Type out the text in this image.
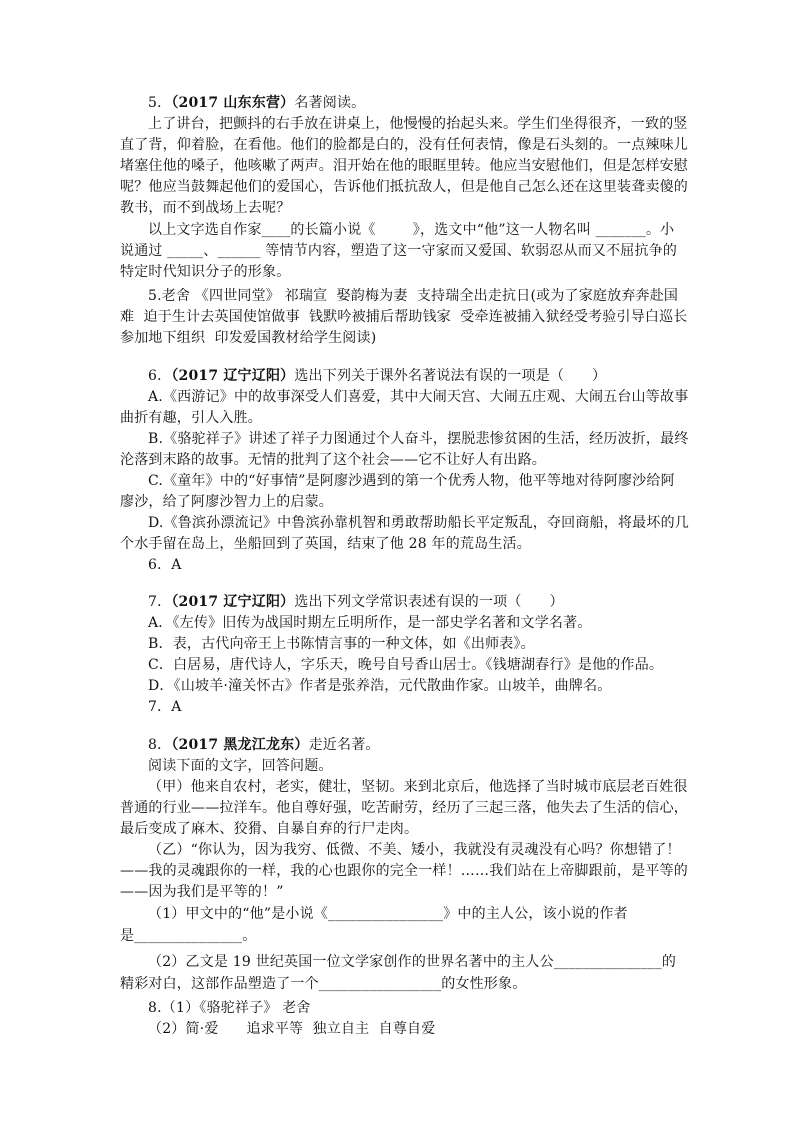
5．（2017 山东东营）名著阅读。
上了讲台，把颤抖的右手放在讲桌上，他慢慢的抬起头来。学生们坐得很齐，一致的竖
直了背，仰着脸，在看他。他们的脸都是白的，没有任何表情，像是石头刻的。一点辣味儿
堵塞住他的嗓子，他咳嗽了两声。泪开始在他的眼眶里转。他应当安慰他们，但是怎样安慰
呢？他应当鼓舞起他们的爱国心，告诉他们抵抗敌人，但是他自己怎么还在这里装聋卖傻的
教书，而不到战场上去呢？
以上文字选自作家____的长篇小说《        》，选文中“他”这一人物名叫 _______。小
说通过 _____、______ 等情节内容，塑造了这一守家而又爱国、软弱忍从而又不屈抗争的
特定时代知识分子的形象。
5.老舍 《四世同堂》 祁瑞宣  娶韵梅为妻  支持瑞全出走抗日(或为了家庭放弃奔赴国
难  迫于生计去英国使馆做事  钱默吟被捕后帮助钱家  受牵连被捕入狱经受考验引导白巡长
参加地下组织  印发爱国教材给学生阅读)
6．（2017 辽宁辽阳）选出下列关于课外名著说法有误的一项是（      ）
A.《西游记》中的故事深受人们喜爱，其中大闹天宫、大闹五庄观、大闹五台山等故事
曲折有趣，引人入胜。
B.《骆驼祥子》讲述了祥子力图通过个人奋斗，摆脱悲惨贫困的生活，经历波折，最终
沦落到末路的故事。无情的批判了这个社会——它不让好人有出路。
C.《童年》中的“好事情”是阿廖沙遇到的第一个优秀人物，他平等地对待阿廖沙给阿
廖沙，给了阿廖沙智力上的启蒙。
D.《鲁滨孙漂流记》中鲁滨孙靠机智和勇敢帮助船长平定叛乱，夺回商船，将最坏的几
个水手留在岛上，坐船回到了英国，结束了他 28 年的荒岛生活。
6．A
7．（2017 辽宁辽阳）选出下列文学常识表述有误的一项（      ）
A．《左传》旧传为战国时期左丘明所作，是一部史学名著和文学名著。
B．表，古代向帝王上书陈情言事的一种文体，如《出师表》。
C．白居易，唐代诗人，字乐天，晚号自号香山居士。《钱塘湖春行》是他的作品。
D．《山坡羊·潼关怀古》作者是张养浩，元代散曲作家。山坡羊，曲牌名。
7．A
8．（2017 黑龙江龙东）走近名著。
阅读下面的文字，回答问题。
（甲）他来自农村，老实，健壮，坚韧。来到北京后，他选择了当时城市底层老百姓很
普通的行业——拉洋车。他自尊好强，吃苦耐劳，经历了三起三落，他失去了生活的信心，
最后变成了麻木、狡猾、自暴自弃的行尸走肉。
（乙）“你认为，因为我穷、低微、不美、矮小，我就没有灵魂没有心吗？你想错了！
——我的灵魂跟你的一样，我的心也跟你的完全一样！……我们站在上帝脚跟前，是平等的
——因为我们是平等的！”
（1）甲文中的“他”是小说《________________》中的主人公，该小说的作者
是_______________。
（2）乙文是 19 世纪英国一位文学家创作的世界名著中的主人公_______________的
精彩对白，这部作品塑造了一个_________________的女性形象。
8.（1）《骆驼祥子》 老舍
（2）简·爱      追求平等  独立自主  自尊自爱
